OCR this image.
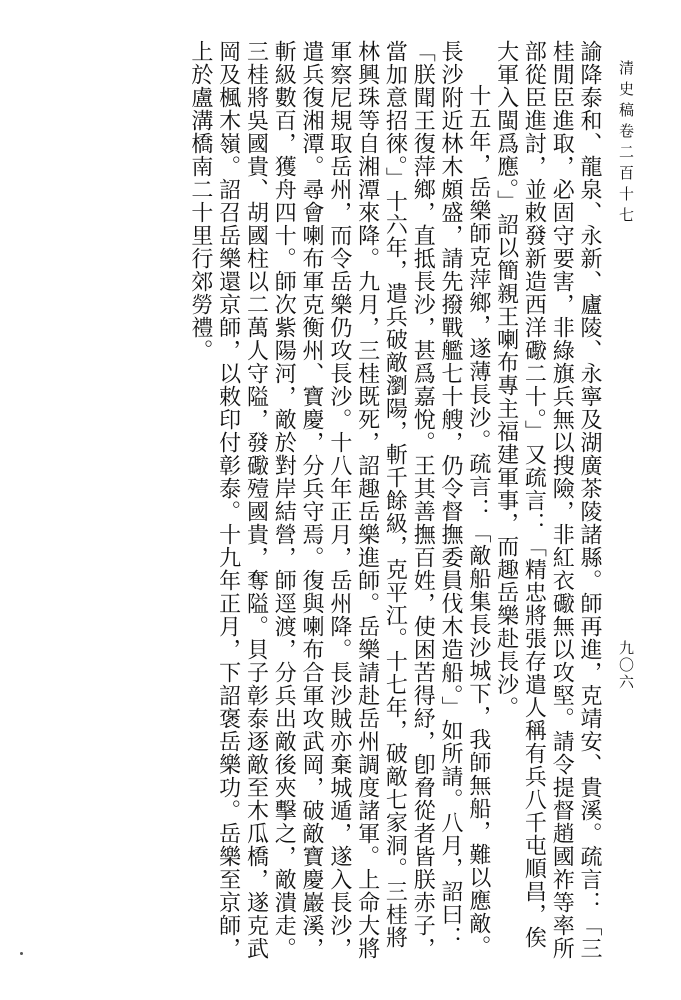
清史稿卷二百十七
九〇六

諭降泰和、龍泉、永新、廬陵、永寧及湖廣茶陵諸縣。師再進，克靖安、貴溪。疏言：「三桂閒臣進取，必固守要害，非綠旗兵無以搜險，非紅衣礮無以攻堅。請令提督趙國祚等率所部從臣進討，並敕發新造西洋礮二十。」又疏言：「精忠將張存遣人稱有兵八千屯順昌，俟大軍入閩爲應。」詔以簡親王喇布專主福建軍事，而趣岳樂赴長沙。

十五年，岳樂師克萍鄉，遂薄長沙。疏言：「敵船集長沙城下，我師無船，難以應敵。長沙附近林木頗盛，請先撥戰艦七十艘，仍令督撫委員伐木造船。」如所請。八月，詔曰：「朕聞王復萍鄉，直抵長沙，甚爲嘉悅。王其善撫百姓，使困苦得紓，卽脅從者皆朕赤子，當加意招徠。」十六年，遣兵破敵瀏陽，斬千餘級，克平江。十七年，破敵七家洞。三桂將林興珠等自湘潭來降。九月，三桂既死，詔趣岳樂進師。岳樂請赴岳州調度諸軍。上命大將軍察尼規取岳州，而令岳樂仍攻長沙。十八年正月，岳州降。長沙賊亦棄城遁，遂入長沙，遣兵復湘潭。尋會喇布軍克衡州、寶慶，分兵守焉。復與喇布合軍攻武岡，破敵寶慶巖溪，斬級數百，獲舟四十。師次紫陽河，敵於對岸結營，師逕渡，分兵出敵後夾擊之，敵潰走。三桂將吳國貴、胡國柱以二萬人守隘，發礮殪國貴，奪隘。貝子彰泰逐敵至木瓜橋，遂克武岡及楓木嶺。詔召岳樂還京師，以敕印付彰泰。十九年正月，下詔褒岳樂功。岳樂至京師，上於盧溝橋南二十里行郊勞禮。
